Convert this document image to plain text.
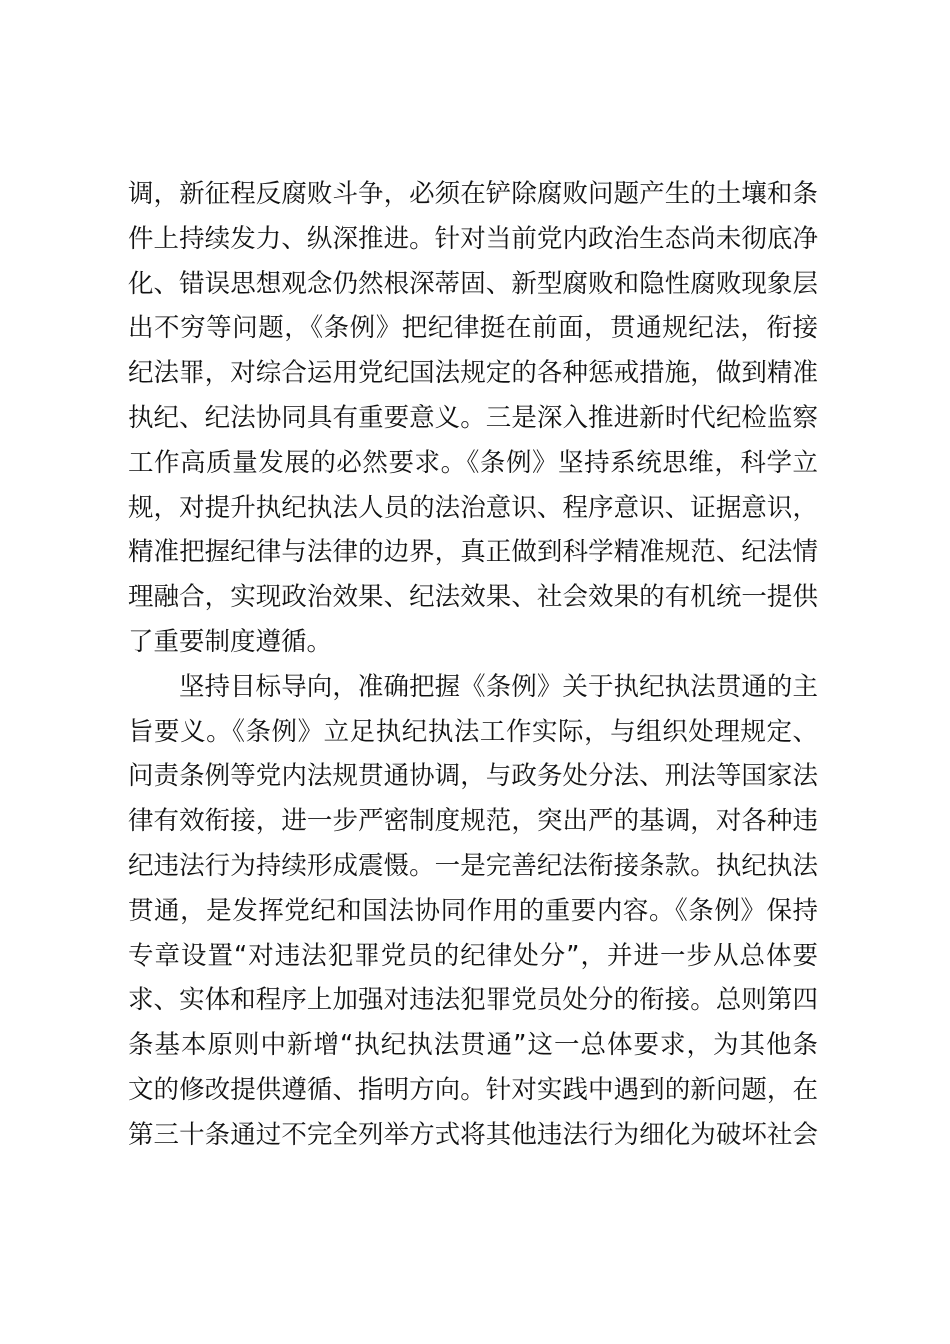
调，新征程反腐败斗争，必须在铲除腐败问题产生的土壤和条
件上持续发力、纵深推进。针对当前党内政治生态尚未彻底净
化、错误思想观念仍然根深蒂固、新型腐败和隐性腐败现象层
出不穷等问题，《条例》把纪律挺在前面，贯通规纪法，衔接
纪法罪，对综合运用党纪国法规定的各种惩戒措施，做到精准
执纪、纪法协同具有重要意义。三是深入推进新时代纪检监察
工作高质量发展的必然要求。《条例》坚持系统思维，科学立
规，对提升执纪执法人员的法治意识、程序意识、证据意识，
精准把握纪律与法律的边界，真正做到科学精准规范、纪法情
理融合，实现政治效果、纪法效果、社会效果的有机统一提供
了重要制度遵循。
坚持目标导向，准确把握《条例》关于执纪执法贯通的主
旨要义。《条例》立足执纪执法工作实际，与组织处理规定、
问责条例等党内法规贯通协调，与政务处分法、刑法等国家法
律有效衔接，进一步严密制度规范，突出严的基调，对各种违
纪违法行为持续形成震慑。一是完善纪法衔接条款。执纪执法
贯通，是发挥党纪和国法协同作用的重要内容。《条例》保持
专章设置“对违法犯罪党员的纪律处分”，并进一步从总体要
求、实体和程序上加强对违法犯罪党员处分的衔接。总则第四
条基本原则中新增“执纪执法贯通”这一总体要求，为其他条
文的修改提供遵循、指明方向。针对实践中遇到的新问题，在
第三十条通过不完全列举方式将其他违法行为细化为破坏社会
